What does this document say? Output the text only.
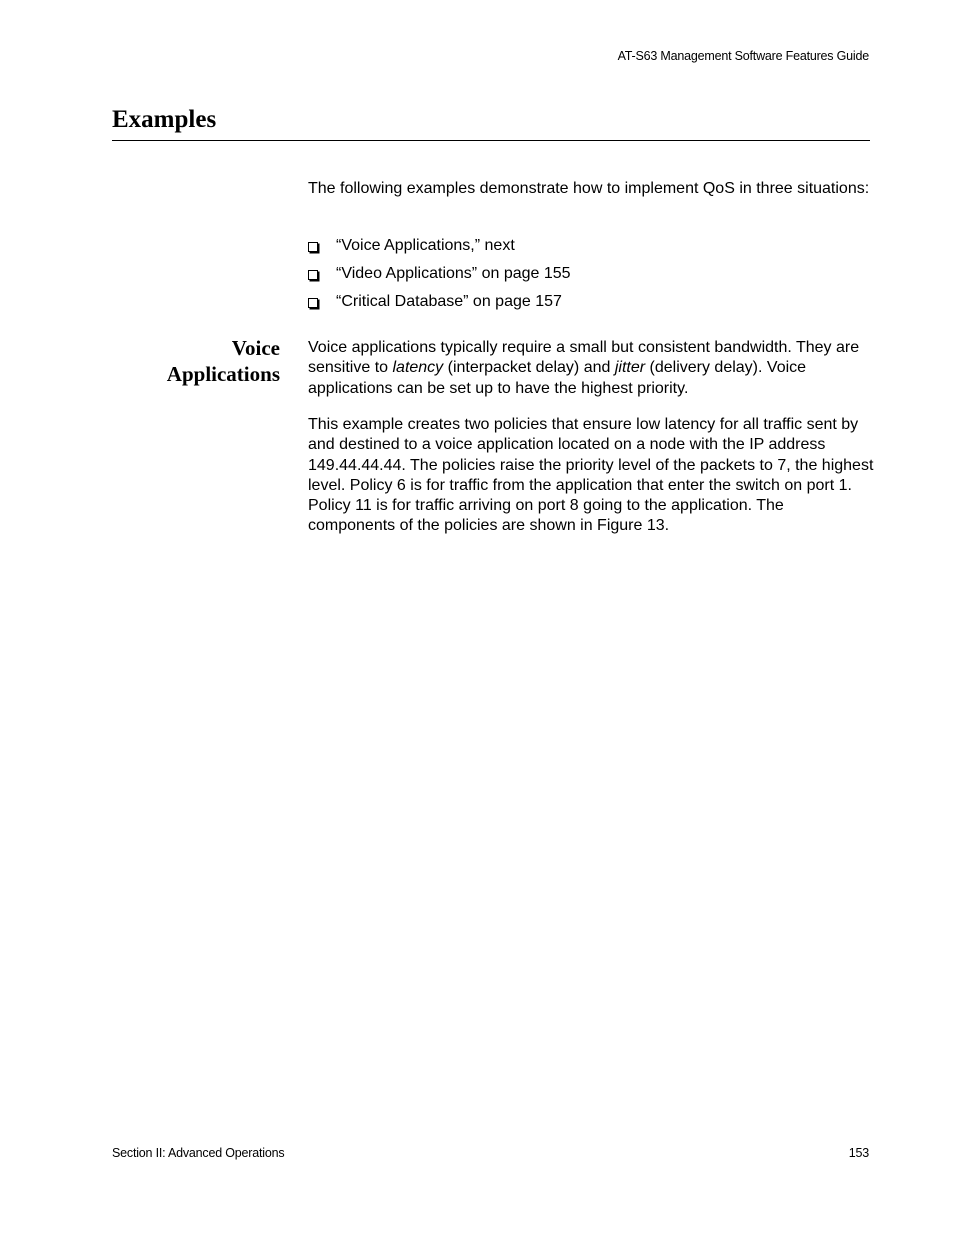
AT-S63 Management Software Features Guide
Examples

The following examples demonstrate how to implement QoS in three situations:

“Voice Applications,” next
“Video Applications” on page 155
“Critical Database” on page 157
Voice
Applications

Voice applications typically require a small but consistent bandwidth. They are sensitive to latency (interpacket delay) and jitter (delivery delay). Voice applications can be set up to have the highest priority.

This example creates two policies that ensure low latency for all traffic sent by and destined to a voice application located on a node with the IP address 149.44.44.44. The policies raise the priority level of the packets to 7, the highest level. Policy 6 is for traffic from the application that enter the switch on port 1. Policy 11 is for traffic arriving on port 8 going to the application. The components of the policies are shown in Figure 13.

Section II: Advanced Operations	153
